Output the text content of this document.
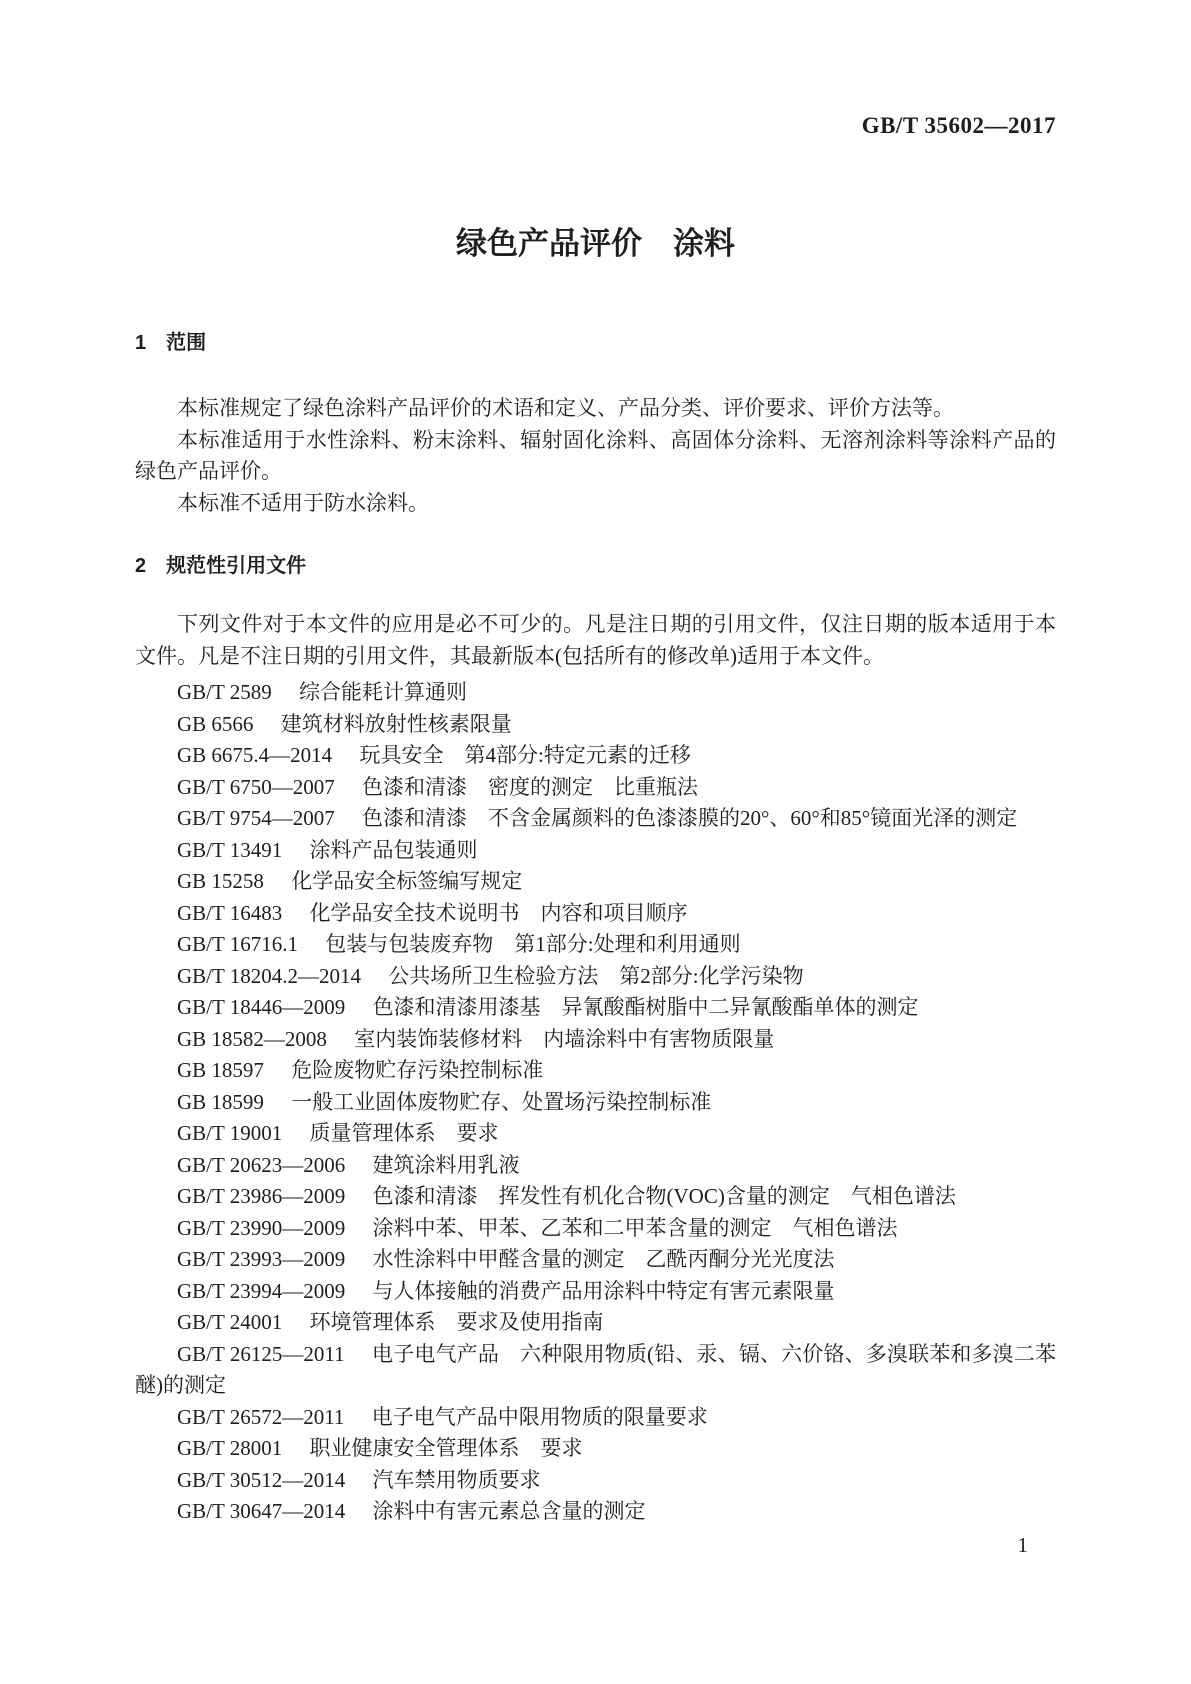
GB/T 35602—2017
绿色产品评价　涂料
1 范围

本标准规定了绿色涂料产品评价的术语和定义、产品分类、评价要求、评价方法等。

本标准适用于水性涂料、粉末涂料、辐射固化涂料、高固体分涂料、无溶剂涂料等涂料产品的绿色产品评价。

本标准不适用于防水涂料。

2 规范性引用文件

下列文件对于本文件的应用是必不可少的。凡是注日期的引用文件，仅注日期的版本适用于本文件。凡是不注日期的引用文件，其最新版本(包括所有的修改单)适用于本文件。

GB/T 2589 综合能耗计算通则

GB 6566 建筑材料放射性核素限量

GB 6675.4—2014 玩具安全　第4部分:特定元素的迁移

GB/T 6750—2007 色漆和清漆　密度的测定　比重瓶法

GB/T 9754—2007 色漆和清漆　不含金属颜料的色漆漆膜的20°、60°和85°镜面光泽的测定

GB/T 13491 涂料产品包装通则

GB 15258 化学品安全标签编写规定

GB/T 16483 化学品安全技术说明书　内容和项目顺序

GB/T 16716.1 包装与包装废弃物　第1部分:处理和利用通则

GB/T 18204.2—2014 公共场所卫生检验方法　第2部分:化学污染物

GB/T 18446—2009 色漆和清漆用漆基　异氰酸酯树脂中二异氰酸酯单体的测定

GB 18582—2008 室内装饰装修材料　内墙涂料中有害物质限量

GB 18597 危险废物贮存污染控制标准

GB 18599 一般工业固体废物贮存、处置场污染控制标准

GB/T 19001 质量管理体系　要求

GB/T 20623—2006 建筑涂料用乳液

GB/T 23986—2009 色漆和清漆　挥发性有机化合物(VOC)含量的测定　气相色谱法

GB/T 23990—2009 涂料中苯、甲苯、乙苯和二甲苯含量的测定　气相色谱法

GB/T 23993—2009 水性涂料中甲醛含量的测定　乙酰丙酮分光光度法

GB/T 23994—2009 与人体接触的消费产品用涂料中特定有害元素限量

GB/T 24001 环境管理体系　要求及使用指南

GB/T 26125—2011 电子电气产品　六种限用物质(铅、汞、镉、六价铬、多溴联苯和多溴二苯醚)的测定

GB/T 26572—2011 电子电气产品中限用物质的限量要求

GB/T 28001 职业健康安全管理体系　要求

GB/T 30512—2014 汽车禁用物质要求

GB/T 30647—2014 涂料中有害元素总含量的测定

1
